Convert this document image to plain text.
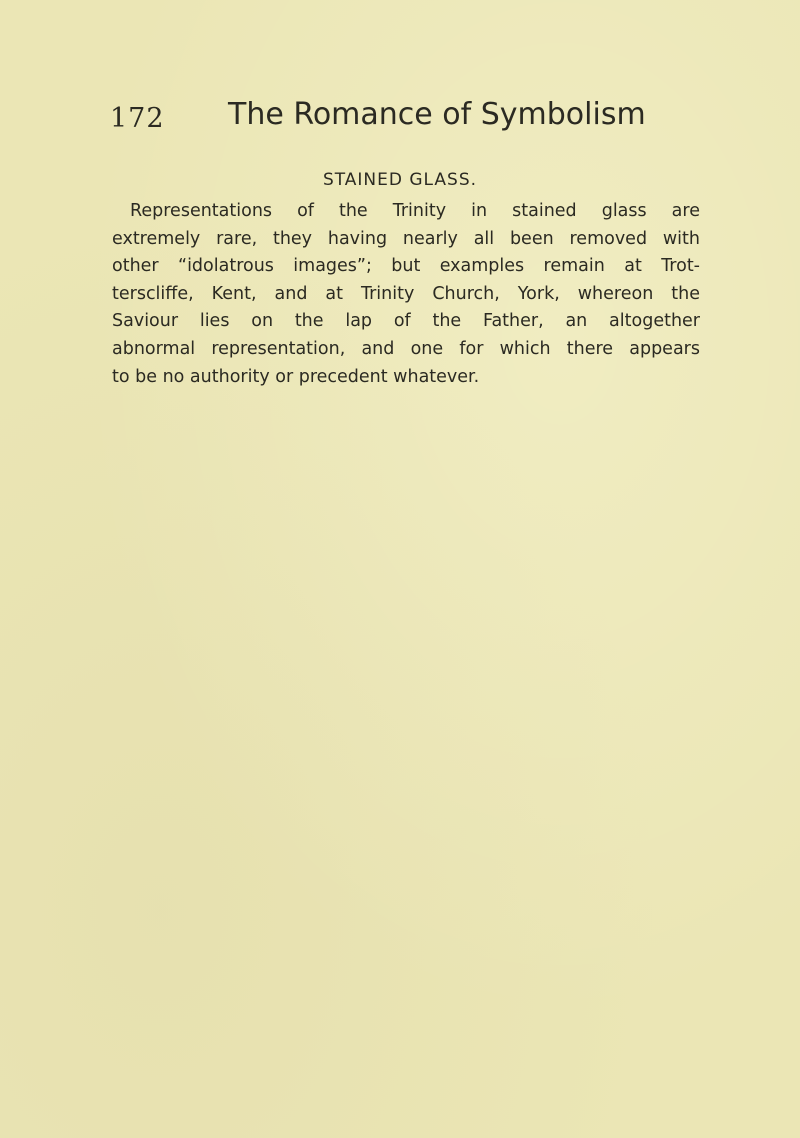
172 The Romance of Symbolism
STAINED GLASS.
Representations of the Trinity in stained glass are
extremely rare, they having nearly all been removed with
other “idolatrous images”; but examples remain at Trot-
terscliffe, Kent, and at Trinity Church, York, whereon the
Saviour lies on the lap of the Father, an altogether
abnormal representation, and one for which there appears
to be no authority or precedent whatever.
